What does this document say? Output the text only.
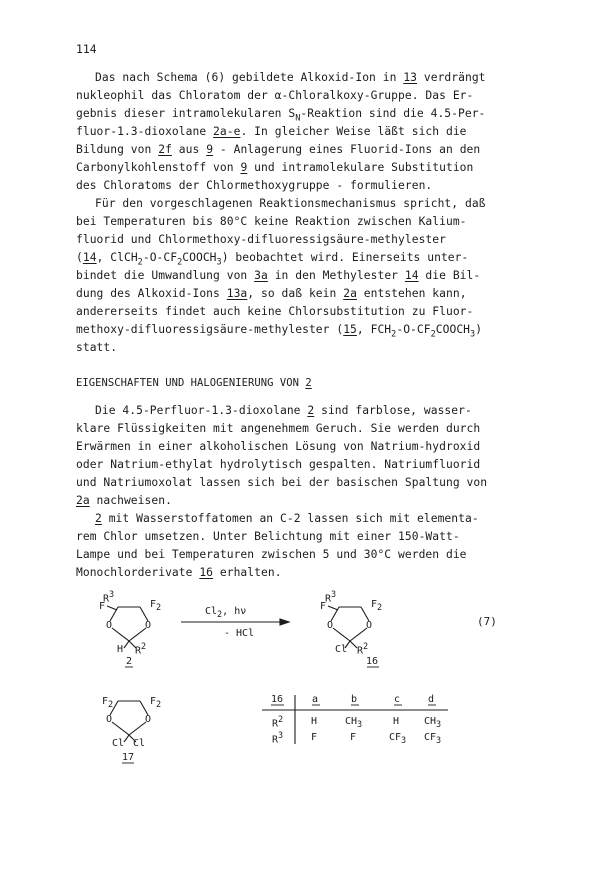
114
Das nach Schema (6) gebildete Alkoxid-Ion in 13 verdrängt
nukleophil das Chloratom der α-Chloralkoxy-Gruppe. Das Er-
gebnis dieser intramolekularen $S_N$-Reaktion sind die 4.5-Per-
fluor-1.3-dioxolane 2a-e. In gleicher Weise läßt sich die
Bildung von 2f aus 9 - Anlagerung eines Fluorid-Ions an den
Carbonylkohlenstoff von 9 und intramolekulare Substitution
des Chloratoms der Chlormethoxygruppe - formulieren.
Für den vorgeschlagenen Reaktionsmechanismus spricht, daß
bei Temperaturen bis 80°C keine Reaktion zwischen Kalium-
fluorid und Chlormethoxy-difluoressigsäure-methylester
(14, $ClCH_2-O-CF_2COOCH_3$) beobachtet wird. Einerseits unter-
bindet die Umwandlung von 3a in den Methylester 14 die Bil-
dung des Alkoxid-Ions 13a, so daß kein 2a entstehen kann,
andererseits findet auch keine Chlorsubstitution zu Fluor-
methoxy-difluoressigsäure-methylester (15, $FCH_2-O-CF_2COOCH_3$)
statt.
EIGENSCHAFTEN UND HALOGENIERUNG VON 2
Die 4.5-Perfluor-1.3-dioxolane 2 sind farblose, wasser-
klare Flüssigkeiten mit angenehmem Geruch. Sie werden durch
Erwärmen in einer alkoholischen Lösung von Natrium-hydroxid
oder Natrium-ethylat hydrolytisch gespalten. Natriumfluorid
und Natriumoxolat lassen sich bei der basischen Spaltung von
2a nachweisen.
2 mit Wasserstoffatomen an C-2 lassen sich mit elementa-
rem Chlor umsetzen. Unter Belichtung mit einer 150-Watt-
Lampe und bei Temperaturen zwischen 5 und 30°C werden die
Monochlorderivate 16 erhalten.
$R^3$
F	$F_2$
O	O
H $R^2$
2
$Cl_2$, hν
- HCl
$R^3$
F	$F_2$
O	O
Cl $R^2$
16
(7)
$F_2$	$F_2$
O	O
Cl Cl
17
16	a	b	c	d
$R^2$	H	$CH_3$	H $CH_3$
$R^3$	F	F	$CF_3$ $CF_3$
